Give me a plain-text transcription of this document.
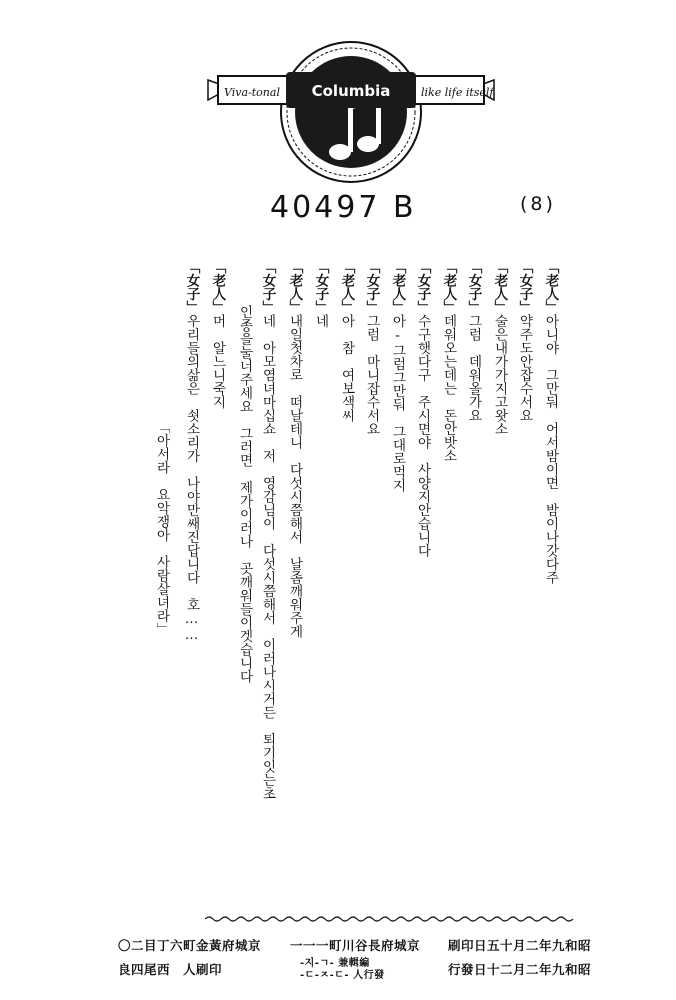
Viva-tonal Columbia	like life itself
40497 B	(8)
「老人」아니야　그만둬　어서밤이면　밤이나갓다주
「女子」약주도안잡수서요
「老人」술은내가가지고왓소
「女子」그럼　데워올가요
「老人」데워오는데는　돈안밧소
「女子」수구햇다구　주시면야　사양지안습니다
「老人」아-그럼그만둬　그대로먹지
「女子」그럼　마니잡수서요
「老人」아　참　여보색씨
「女子」네
「老人」내일첫차로　떠날테니　다섯시쯤해서　날좀깨워주게
「女子」네　아모염녀마십쇼　저　영감님이　다섯시쯤해서　이러나시거든　퇴기잇는초
인종을눌너주세요　그러면　제가이러나　곳깨워들이겟습니다
「老人」머　알느니죽지
「女子」우리들의삶은　쇳소리가　나야만쌔진답니다　호……
「아서라　요악쟁아　사람살녀라」
昭和九年二月十五日印刷
京城府長谷川町一一一
京城府黃金町六丁目二〇
昭和九年二月二十日發行
編輯兼 -ㄱ-지-
發行人 -ㄷ-ㅈ-ㄷ-
印刷人　西尾四良
